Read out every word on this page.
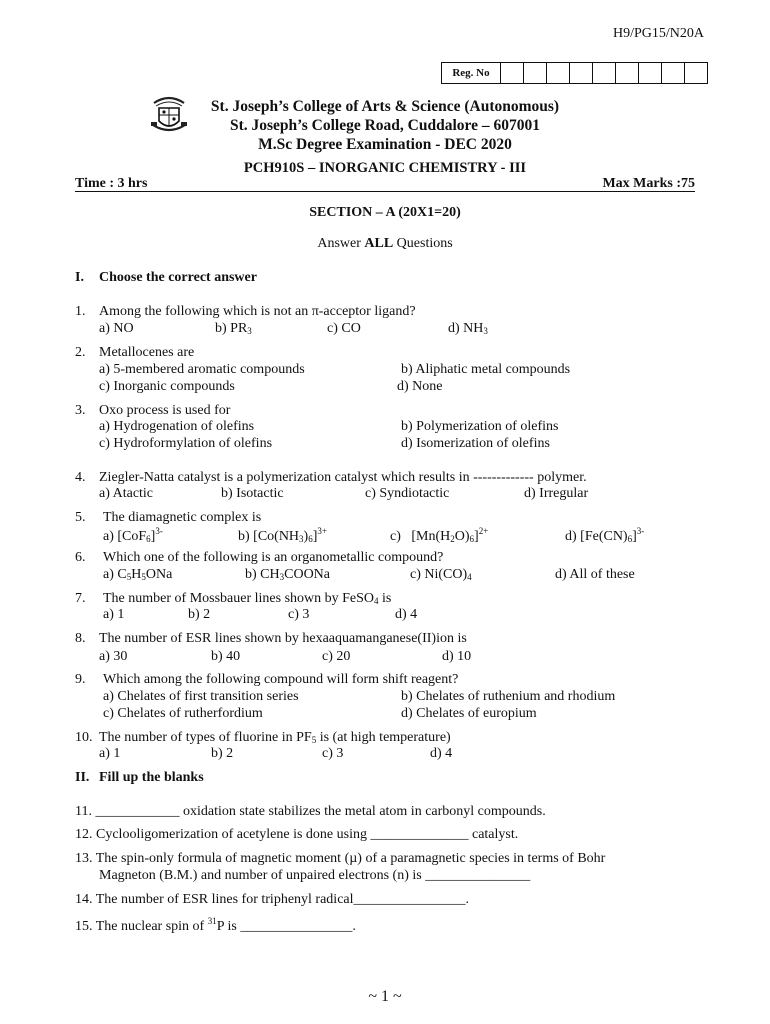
H9/PG15/N20A
Reg. No
St. Joseph’s College of Arts & Science (Autonomous)
St. Joseph’s College Road, Cuddalore – 607001
M.Sc Degree Examination - DEC 2020
PCH910S – INORGANIC CHEMISTRY - III
Time : 3 hrs	Max Marks :75
SECTION – A (20X1=20)
Answer ALL Questions
I. Choose the correct answer
1. Among the following which is not an π-acceptor ligand?
a) NO	b) $PR_3$	c) CO	d) $NH_3$
2. Metallocenes are
a) 5-membered aromatic compounds	b) Aliphatic metal compounds
c) Inorganic compounds	d) None
3. Oxo process is used for
a) Hydrogenation of olefins	b) Polymerization of olefins
c) Hydroformylation of olefins	d) Isomerization of olefins
4. Ziegler-Natta catalyst is a polymerization catalyst which results in ------------- polymer.
a) Atactic	b) Isotactic	c) Syndiotactic	d) Irregular
5. The diamagnetic complex is
a) $[CoF_6]^{3-}$	b) $[Co(NH_3)_6]^{3+}$	c)   $[Mn(H_2O)_6]^{2+}$	d) $[Fe(CN)_6]^{3-}$
6. Which one of the following is an organometallic compound?
a) $C_5H_5ONa$	b) $CH_3COONa$	c) $Ni(CO)_4$	d) All of these
7. The number of Mossbauer lines shown by FeSO$_4$ is
a) 1	b) 2	c) 3	d) 4
8. The number of ESR lines shown by hexaaquamanganese(II)ion is
a) 30	b) 40	c) 20	d) 10
9. Which among the following compound will form shift reagent?
a) Chelates of first transition series	b) Chelates of ruthenium and rhodium
c) Chelates of rutherfordium	d) Chelates of europium
10. The number of types of fluorine in $PF_5$ is (at high temperature)
a) 1	b) 2	c) 3	d) 4
II. Fill up the blanks
11. ____________ oxidation state stabilizes the metal atom in carbonyl compounds.
12. Cyclooligomerization of acetylene is done using ______________ catalyst.
13. The spin-only formula of magnetic moment (µ) of a paramagnetic species in terms of Bohr
Magneton (B.M.) and number of unpaired electrons (n) is _______________
14. The number of ESR lines for triphenyl radical________________.
15. The nuclear spin of $^{31}$P is ________________.
~ 1 ~
